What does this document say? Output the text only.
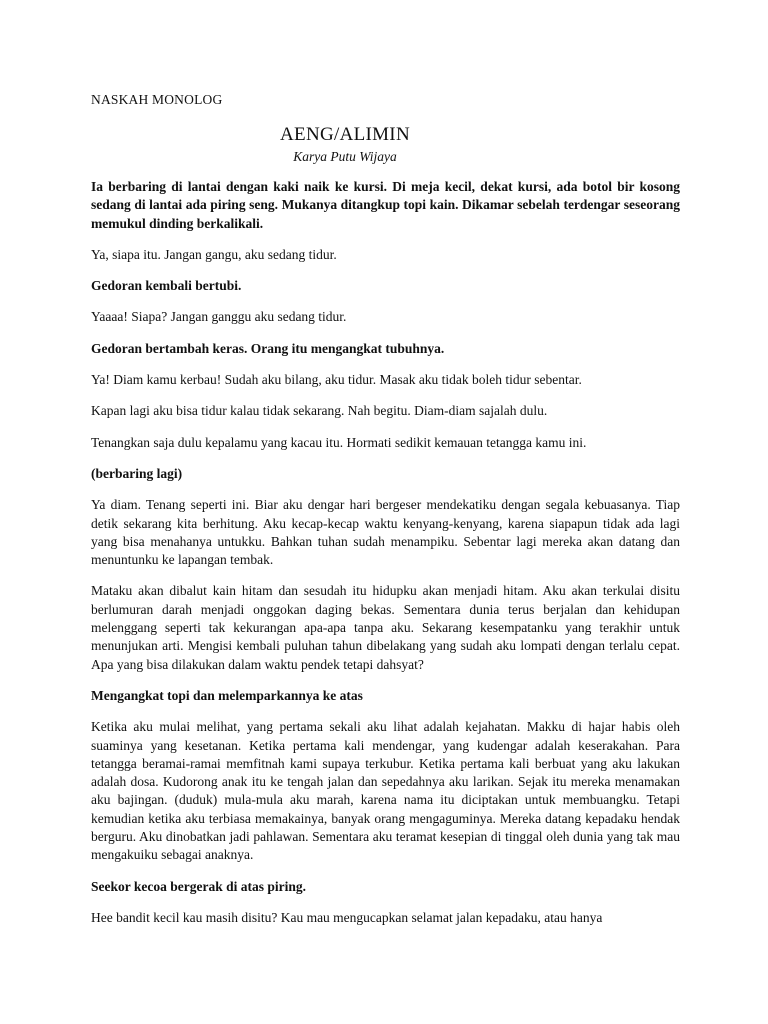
NASKAH MONOLOG
AENG/ALIMIN
Karya Putu Wijaya

Ia berbaring di lantai dengan kaki naik ke kursi. Di meja kecil, dekat kursi, ada botol bir kosong sedang di lantai ada piring seng. Mukanya ditangkup topi kain. Dikamar sebelah terdengar seseorang memukul dinding berkalikali.

Ya, siapa itu. Jangan gangu, aku sedang tidur.

Gedoran kembali bertubi.

Yaaaa! Siapa? Jangan ganggu aku sedang tidur.

Gedoran bertambah keras. Orang itu mengangkat tubuhnya.

Ya! Diam kamu kerbau! Sudah aku bilang, aku tidur. Masak aku tidak boleh tidur sebentar.

Kapan lagi aku bisa tidur kalau tidak sekarang. Nah begitu. Diam-diam sajalah dulu.

Tenangkan saja dulu kepalamu yang kacau itu. Hormati sedikit kemauan tetangga kamu ini.

(berbaring lagi)

Ya diam. Tenang seperti ini. Biar aku dengar hari bergeser mendekatiku dengan segala kebuasanya. Tiap detik sekarang kita berhitung. Aku kecap-kecap waktu kenyang-kenyang, karena siapapun tidak ada lagi yang bisa menahanya untukku. Bahkan tuhan sudah menampiku. Sebentar lagi mereka akan datang dan menuntunku ke lapangan tembak.

Mataku akan dibalut kain hitam dan sesudah itu hidupku akan menjadi hitam. Aku akan terkulai disitu berlumuran darah menjadi onggokan daging bekas. Sementara dunia terus berjalan dan kehidupan melenggang seperti tak kekurangan apa-apa tanpa aku. Sekarang kesempatanku yang terakhir untuk menunjukan arti. Mengisi kembali puluhan tahun dibelakang yang sudah aku lompati dengan terlalu cepat. Apa yang bisa dilakukan dalam waktu pendek tetapi dahsyat?

Mengangkat topi dan melemparkannya ke atas

Ketika aku mulai melihat, yang pertama sekali aku lihat adalah kejahatan. Makku di hajar habis oleh suaminya yang kesetanan. Ketika pertama kali mendengar, yang kudengar adalah keserakahan. Para tetangga beramai-ramai memfitnah kami supaya terkubur. Ketika pertama kali berbuat yang aku lakukan adalah dosa. Kudorong anak itu ke tengah jalan dan sepedahnya aku larikan. Sejak itu mereka menamakan aku bajingan. (duduk) mula-mula aku marah, karena nama itu diciptakan untuk membuangku. Tetapi kemudian ketika aku terbiasa memakainya, banyak orang mengaguminya. Mereka datang kepadaku hendak berguru. Aku dinobatkan jadi pahlawan. Sementara aku teramat kesepian di tinggal oleh dunia yang tak mau mengakuiku sebagai anaknya.

Seekor kecoa bergerak di atas piring.

Hee bandit kecil kau masih disitu? Kau mau mengucapkan selamat jalan kepadaku, atau hanya
